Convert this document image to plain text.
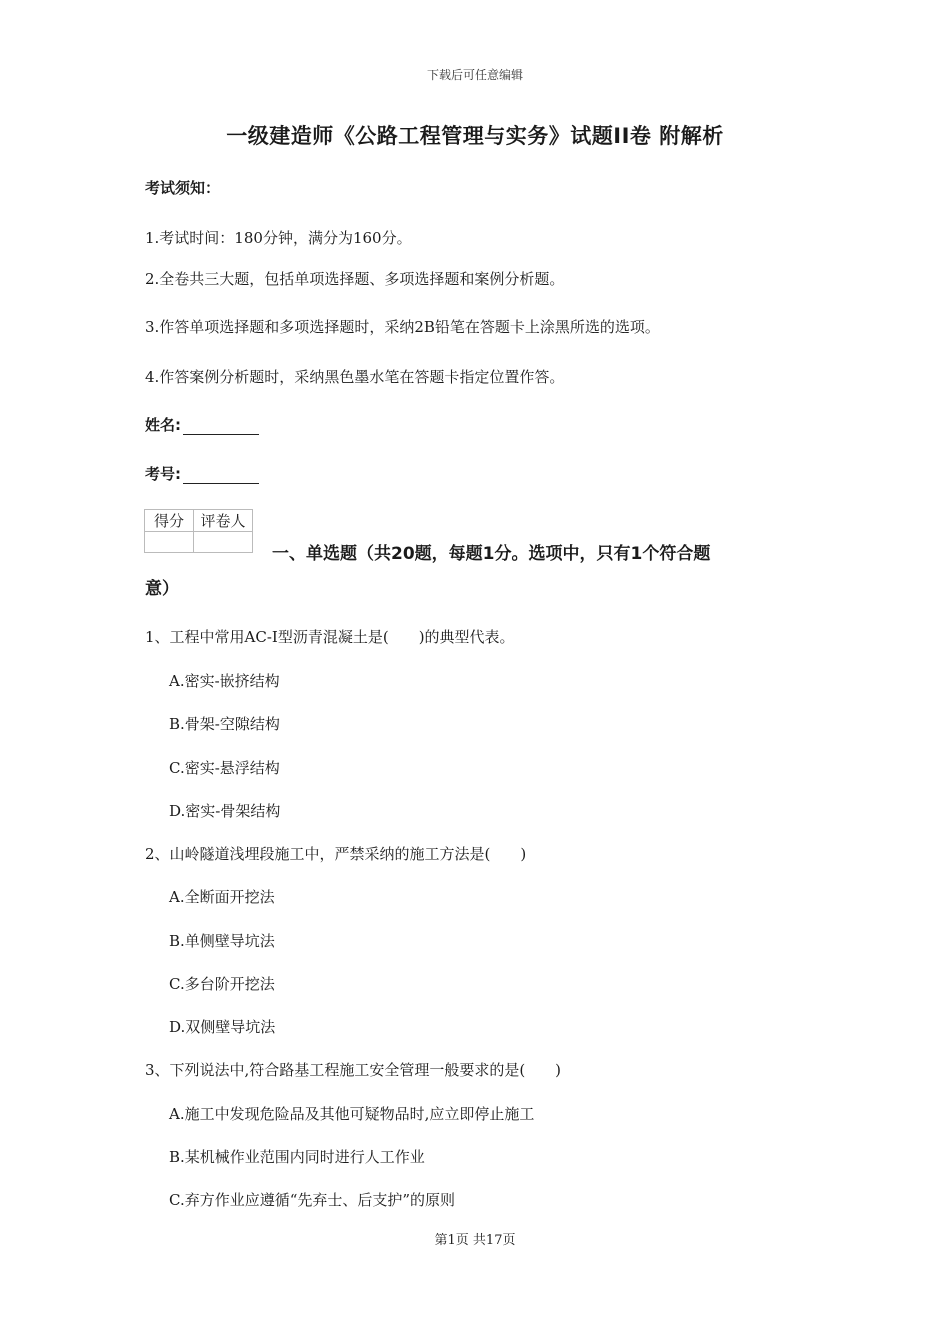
下载后可任意编辑
一级建造师《公路工程管理与实务》试题II卷 附解析
考试须知：
1.考试时间：180分钟，满分为160分。
2.全卷共三大题，包括单项选择题、多项选择题和案例分析题。
3.作答单项选择题和多项选择题时，采纳2B铅笔在答题卡上涂黑所选的选项。
4.作答案例分析题时，采纳黑色墨水笔在答题卡指定位置作答。
姓名:
考号:
得分	评卷人

一、单选题（共20题，每题1分。选项中，只有1个符合题
意）
1、工程中常用AC-I型沥青混凝土是(　　)的典型代表。
A.密实-嵌挤结构
B.骨架-空隙结构
C.密实-悬浮结构
D.密实-骨架结构
2、山岭隧道浅埋段施工中，严禁采纳的施工方法是(　　)
A.全断面开挖法
B.单侧壁导坑法
C.多台阶开挖法
D.双侧壁导坑法
3、下列说法中,符合路基工程施工安全管理一般要求的是(　　)
A.施工中发现危险品及其他可疑物品时,应立即停止施工
B.某机械作业范围内同时进行人工作业
C.弃方作业应遵循“先弃士、后支护”的原则
第1页 共17页
